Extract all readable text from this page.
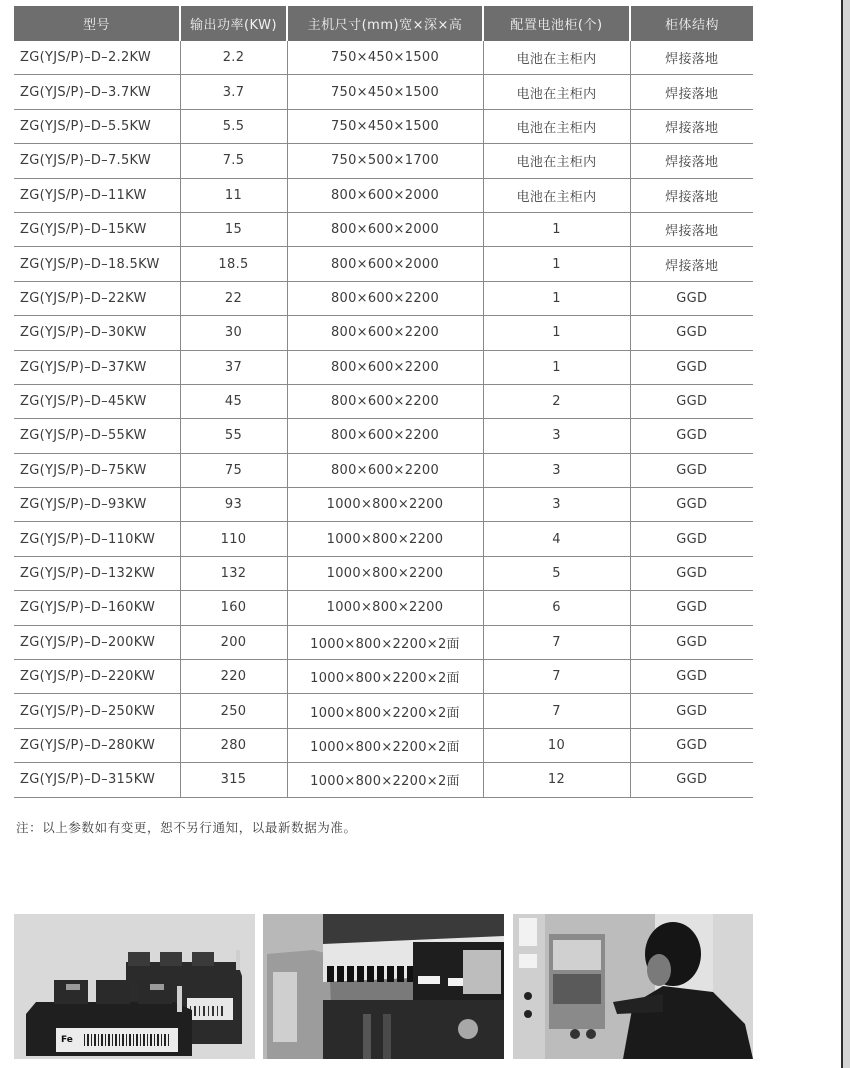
型号	输出功率(KW)	主机尺寸(mm)宽×深×高	配置电池柜(个)	柜体结构
ZG(YJS/P)–D–2.2KW	2.2	750×450×1500	电池在主柜内	焊接落地
ZG(YJS/P)–D–3.7KW	3.7	750×450×1500	电池在主柜内	焊接落地
ZG(YJS/P)–D–5.5KW	5.5	750×450×1500	电池在主柜内	焊接落地
ZG(YJS/P)–D–7.5KW	7.5	750×500×1700	电池在主柜内	焊接落地
ZG(YJS/P)–D–11KW	11	800×600×2000	电池在主柜内	焊接落地
ZG(YJS/P)–D–15KW	15	800×600×2000	1	焊接落地
ZG(YJS/P)–D–18.5KW	18.5	800×600×2000	1	焊接落地
ZG(YJS/P)–D–22KW	22	800×600×2200	1	GGD
ZG(YJS/P)–D–30KW	30	800×600×2200	1	GGD
ZG(YJS/P)–D–37KW	37	800×600×2200	1	GGD
ZG(YJS/P)–D–45KW	45	800×600×2200	2	GGD
ZG(YJS/P)–D–55KW	55	800×600×2200	3	GGD
ZG(YJS/P)–D–75KW	75	800×600×2200	3	GGD
ZG(YJS/P)–D–93KW	93	1000×800×2200	3	GGD
ZG(YJS/P)–D–110KW	110	1000×800×2200	4	GGD
ZG(YJS/P)–D–132KW	132	1000×800×2200	5	GGD
ZG(YJS/P)–D–160KW	160	1000×800×2200	6	GGD
ZG(YJS/P)–D–200KW	200	1000×800×2200×2面	7	GGD
ZG(YJS/P)–D–220KW	220	1000×800×2200×2面	7	GGD
ZG(YJS/P)–D–250KW	250	1000×800×2200×2面	7	GGD
ZG(YJS/P)–D–280KW	280	1000×800×2200×2面	10	GGD
ZG(YJS/P)–D–315KW	315	1000×800×2200×2面	12	GGD
注：以上参数如有变更，恕不另行通知，以最新数据为准。
Fe
